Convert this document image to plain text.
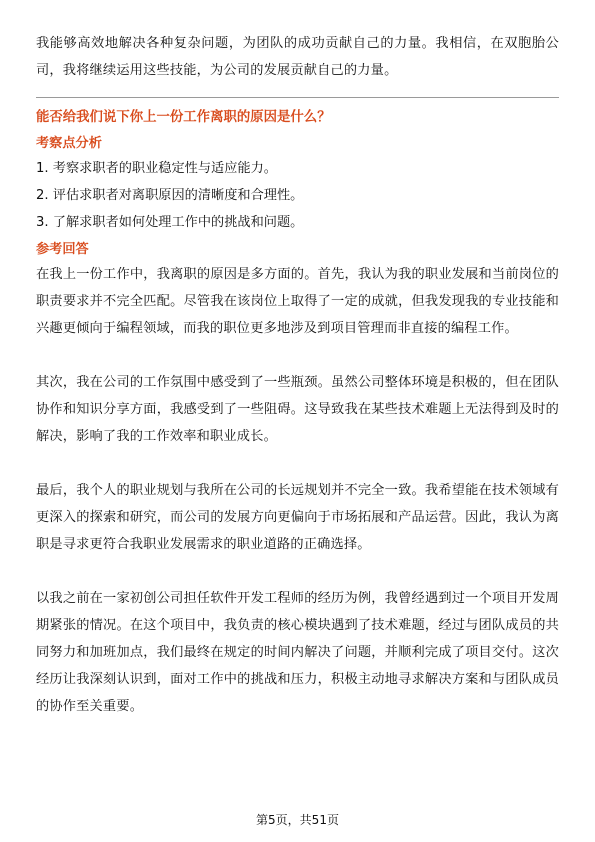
我能够高效地解决各种复杂问题，为团队的成功贡献自己的力量。我相信，在双胞胎公司，我将继续运用这些技能，为公司的发展贡献自己的力量。

能否给我们说下你上一份工作离职的原因是什么？

考察点分析

1. 考察求职者的职业稳定性与适应能力。

2. 评估求职者对离职原因的清晰度和合理性。

3. 了解求职者如何处理工作中的挑战和问题。

参考回答

在我上一份工作中，我离职的原因是多方面的。首先，我认为我的职业发展和当前岗位的职责要求并不完全匹配。尽管我在该岗位上取得了一定的成就，但我发现我的专业技能和兴趣更倾向于编程领域，而我的职位更多地涉及到项目管理而非直接的编程工作。

其次，我在公司的工作氛围中感受到了一些瓶颈。虽然公司整体环境是积极的，但在团队协作和知识分享方面，我感受到了一些阻碍。这导致我在某些技术难题上无法得到及时的解决，影响了我的工作效率和职业成长。

最后，我个人的职业规划与我所在公司的长远规划并不完全一致。我希望能在技术领域有更深入的探索和研究，而公司的发展方向更偏向于市场拓展和产品运营。因此，我认为离职是寻求更符合我职业发展需求的职业道路的正确选择。

以我之前在一家初创公司担任软件开发工程师的经历为例，我曾经遇到过一个项目开发周期紧张的情况。在这个项目中，我负责的核心模块遇到了技术难题，经过与团队成员的共同努力和加班加点，我们最终在规定的时间内解决了问题，并顺利完成了项目交付。这次经历让我深刻认识到，面对工作中的挑战和压力，积极主动地寻求解决方案和与团队成员的协作至关重要。

第5页，共51页
